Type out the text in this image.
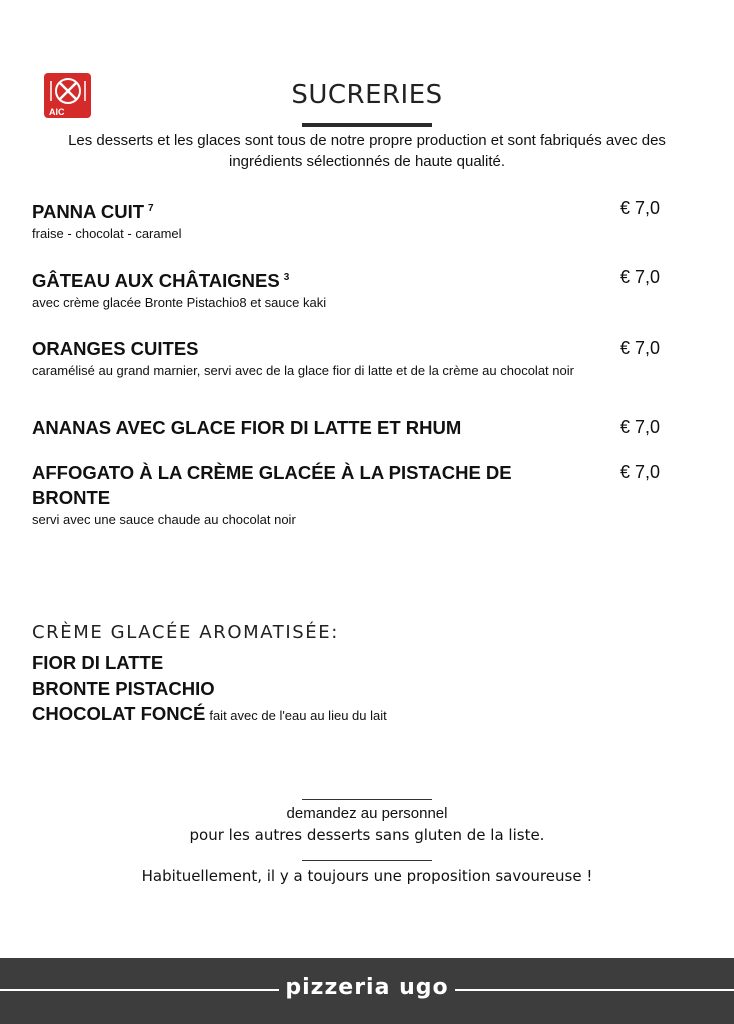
AIC
SUCRERIES
Les desserts et les glaces sont tous de notre propre production et sont fabriqués avec des
ingrédients sélectionnés de haute qualité.
PANNA CUIT $^7$	€ 7,0
fraise - chocolat - caramel
GÂTEAU AUX CHÂTAIGNES $^3$	€ 7,0
avec crème glacée Bronte Pistachio8 et sauce kaki
ORANGES CUITES	€ 7,0
caramélisé au grand marnier, servi avec de la glace fior di latte et de la crème au chocolat noir
ANANAS AVEC GLACE FIOR DI LATTE ET RHUM	€ 7,0
AFFOGATO À LA CRÈME GLACÉE À LA PISTACHE DE BRONTE
€ 7,0
servi avec une sauce chaude au chocolat noir
CRÈME GLACÉE AROMATISÉE:
FIOR DI LATTE
BRONTE PISTACHIO
CHOCOLAT FONCÉ fait avec de l'eau au lieu du lait
demandez au personnel
pour les autres desserts sans gluten de la liste.
Habituellement, il y a toujours une proposition savoureuse !
pizzeria ugo
